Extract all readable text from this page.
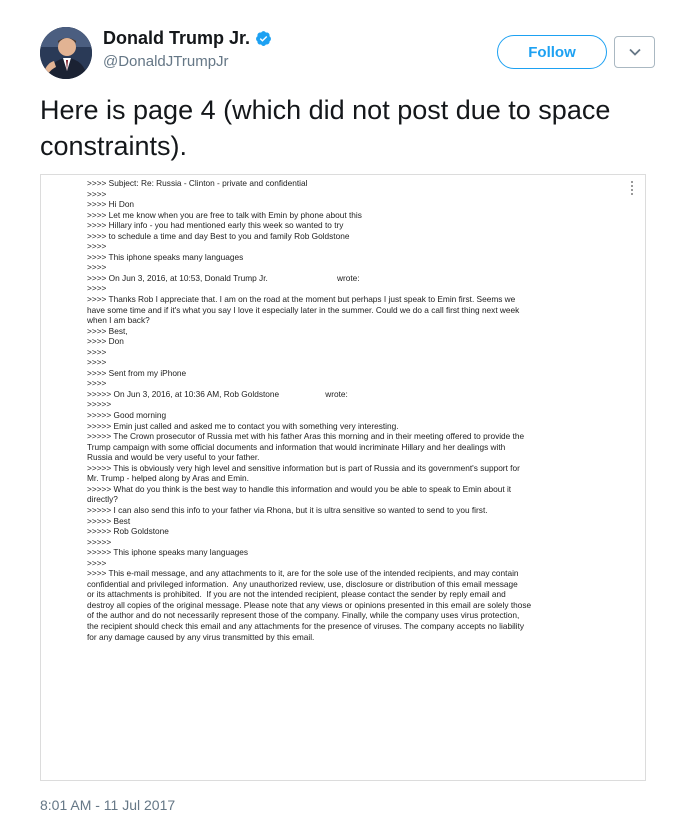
Donald Trump Jr.
@DonaldJTrumpJr
Follow

Here is page 4 (which did not post due to space constraints).

>>>> Subject: Re: Russia - Clinton - private and confidential
>>>>
>>>> Hi Don
>>>> Let me know when you are free to talk with Emin by phone about this
>>>> Hillary info - you had mentioned early this week so wanted to try
>>>> to schedule a time and day Best to you and family Rob Goldstone
>>>>
>>>> This iphone speaks many languages
>>>>
>>>> On Jun 3, 2016, at 10:53, Donald Trump Jr.                              wrote:
>>>>
>>>> Thanks Rob I appreciate that. I am on the road at the moment but perhaps I just speak to Emin first. Seems we
have some time and if it's what you say I love it especially later in the summer. Could we do a call first thing next week
when I am back?
>>>> Best,
>>>> Don
>>>>
>>>>
>>>> Sent from my iPhone
>>>>
>>>>> On Jun 3, 2016, at 10:36 AM, Rob Goldstone                    wrote:
>>>>>
>>>>> Good morning
>>>>> Emin just called and asked me to contact you with something very interesting.
>>>>> The Crown prosecutor of Russia met with his father Aras this morning and in their meeting offered to provide the
Trump campaign with some official documents and information that would incriminate Hillary and her dealings with
Russia and would be very useful to your father.
>>>>> This is obviously very high level and sensitive information but is part of Russia and its government's support for
Mr. Trump - helped along by Aras and Emin.
>>>>> What do you think is the best way to handle this information and would you be able to speak to Emin about it
directly?
>>>>> I can also send this info to your father via Rhona, but it is ultra sensitive so wanted to send to you first.
>>>>> Best
>>>>> Rob Goldstone
>>>>>
>>>>> This iphone speaks many languages
>>>>
>>>> This e-mail message, and any attachments to it, are for the sole use of the intended recipients, and may contain
confidential and privileged information.  Any unauthorized review, use, disclosure or distribution of this email message
or its attachments is prohibited.  If you are not the intended recipient, please contact the sender by reply email and
destroy all copies of the original message. Please note that any views or opinions presented in this email are solely those
of the author and do not necessarily represent those of the company. Finally, while the company uses virus protection,
the recipient should check this email and any attachments for the presence of viruses. The company accepts no liability
for any damage caused by any virus transmitted by this email.
8:01 AM - 11 Jul 2017
